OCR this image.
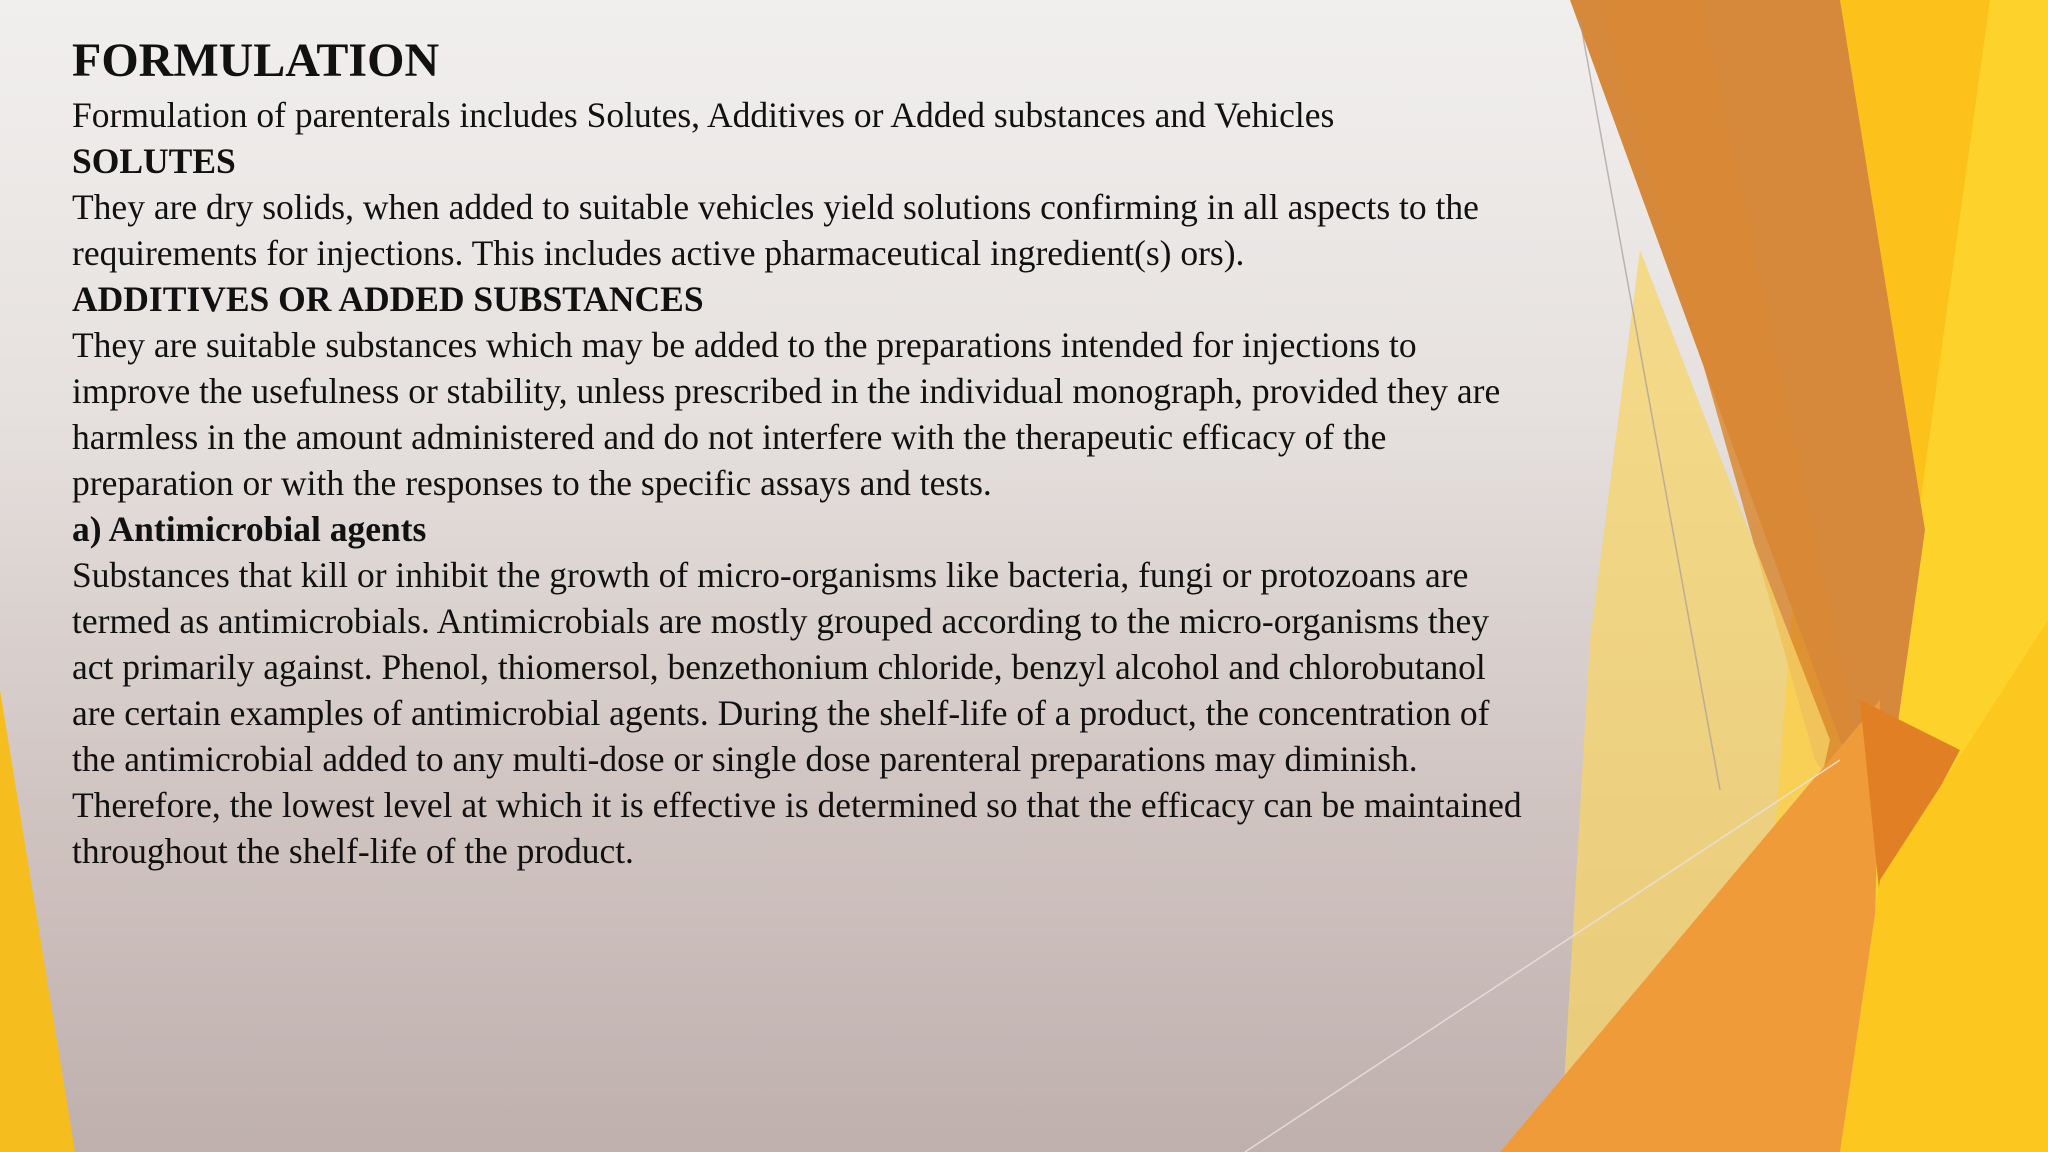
FORMULATION

Formulation of parenterals includes Solutes, Additives or Added substances and Vehicles

SOLUTES

They are dry solids, when added to suitable vehicles yield solutions confirming in all aspects to the requirements for injections. This includes active pharmaceutical ingredient(s) ors).

ADDITIVES OR ADDED SUBSTANCES

They are suitable substances which may be added to the preparations intended for injections to improve the usefulness or stability, unless prescribed in the individual monograph, provided they are harmless in the amount administered and do not interfere with the therapeutic efficacy of the preparation or with the responses to the specific assays and tests.

a) Antimicrobial agents

Substances that kill or inhibit the growth of micro-organisms like bacteria, fungi or protozoans are termed as antimicrobials. Antimicrobials are mostly grouped according to the micro-organisms they act primarily against. Phenol, thiomersol, benzethonium chloride, benzyl alcohol and chlorobutanol are certain examples of antimicrobial agents. During the shelf-life of a product, the concentration of the antimicrobial added to any multi-dose or single dose parenteral preparations may diminish. Therefore, the lowest level at which it is effective is determined so that the efficacy can be maintained throughout the shelf-life of the product.
